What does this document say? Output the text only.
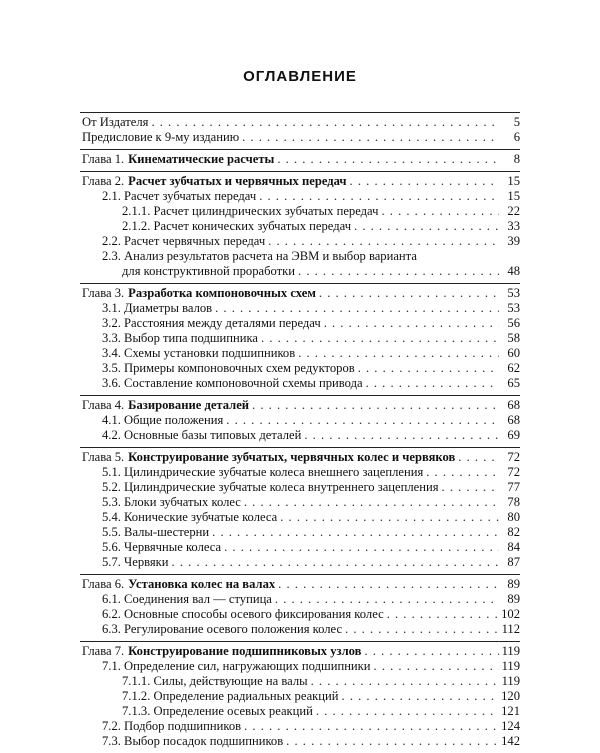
ОГЛАВЛЕНИЕ
От Издателя . . .	5
Предисловие к 9-му изданию . . .	6
Глава 1. Кинематические расчеты . . .	8
Глава 2. Расчет зубчатых и червячных передач . . .	15
2.1. Расчет зубчатых передач . . .	15
2.1.1. Расчет цилиндрических зубчатых передач . . .	22
2.1.2. Расчет конических зубчатых передач . . .	33
2.2. Расчет червячных передач . . .	39
2.3. Анализ результатов расчета на ЭВМ и выбор варианта
для конструктивной проработки . . .	48
Глава 3. Разработка компоновочных схем . . .	53
3.1. Диаметры валов . . .	53
3.2. Расстояния между деталями передач . . .	56
3.3. Выбор типа подшипника . . .	58
3.4. Схемы установки подшипников . . .	60
3.5. Примеры компоновочных схем редукторов . . .	62
3.6. Составление компоновочной схемы привода . . .	65
Глава 4. Базирование деталей . . .	68
4.1. Общие положения . . .	68
4.2. Основные базы типовых деталей . . .	69
Глава 5. Конструирование зубчатых, червячных колес и червяков . . .	72
5.1. Цилиндрические зубчатые колеса внешнего зацепления . . .	72
5.2. Цилиндрические зубчатые колеса внутреннего зацепления . . .	77
5.3. Блоки зубчатых колес . . .	78
5.4. Конические зубчатые колеса . . .	80
5.5. Валы-шестерни . . .	82
5.6. Червячные колеса . . .	84
5.7. Червяки . . .	87
Глава 6. Установка колес на валах . . .	89
6.1. Соединения вал — ступица . . .	89
6.2. Основные способы осевого фиксирования колес . . .	102
6.3. Регулирование осевого положения колес . . .	112
Глава 7. Конструирование подшипниковых узлов . . .	119
7.1. Определение сил, нагружающих подшипники . . .	119
7.1.1. Силы, действующие на валы . . .	119
7.1.2. Определение радиальных реакций . . .	120
7.1.3. Определение осевых реакций . . .	121
7.2. Подбор подшипников . . .	124
7.3. Выбор посадок подшипников . . .	142
